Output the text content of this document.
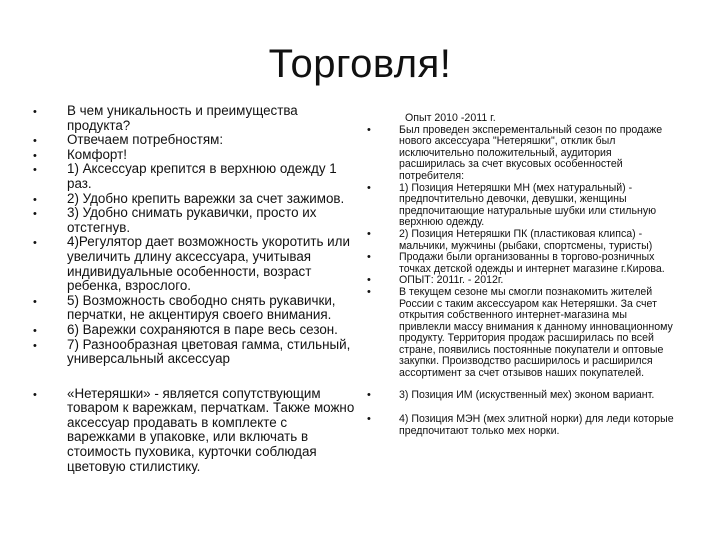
Торговля!
• В чем уникальность и преимущества продукта?
• Отвечаем потребностям:
• Комфорт!
• 1) Аксессуар крепится в верхнюю одежду 1 раз.
• 2) Удобно крепить варежки за счет зажимов.
• 3) Удобно снимать рукавички, просто их отстегнув.
• 4)Регулятор дает возможность укоротить или увеличить длину аксессуара, учитывая индивидуальные особенности, возраст ребенка, взрослого.
• 5) Возможность свободно снять рукавички, перчатки, не акцентируя своего внимания.
• 6) Варежки сохраняются в паре весь сезон.
• 7) Разнообразная цветовая гамма, стильный, универсальный аксессуар
• «Нетеряшки» - является сопутствующим товаром к варежкам, перчаткам. Также можно аксессуар продавать в комплекте с варежками в упаковке, или включать в стоимость пуховика, курточки соблюдая цветовую стилистику.
Опыт 2010 -2011 г.
• Был проведен эксперементальный сезон по продаже нового аксессуара "Нетеряшки", отклик был исключительно положительный, аудитория расширилась за счет вкусовых особенностей потребителя:
• 1) Позиция Нетеряшки МН (мех натуральный) - предпочтительно девочки, девушки, женщины предпочитающие натуральные шубки или стильную верхнюю одежду.
• 2) Позиция Нетеряшки ПК (пластиковая клипса) - мальчики, мужчины (рыбаки, спортсмены, туристы)
• Продажи были организованны в торгово-розничных точках детской одежды и интернет магазине г.Кирова.
• ОПЫТ: 2011г. - 2012г.
• В текущем сезоне мы смогли познакомить жителей России с таким аксессуаром как Нетеряшки. За счет открытия собственного интернет-магазина мы привлекли массу внимания к данному инновационному продукту. Территория продаж расширилась по всей стране, появились постоянные покупатели и оптовые закупки. Производство расширилось и расширился ассортимент за счет отзывов наших покупателей.
• 3) Позиция ИМ (искуственный мех) эконом вариант.
• 4) Позиция МЭН (мех элитной норки) для леди которые предпочитают только мех норки.
